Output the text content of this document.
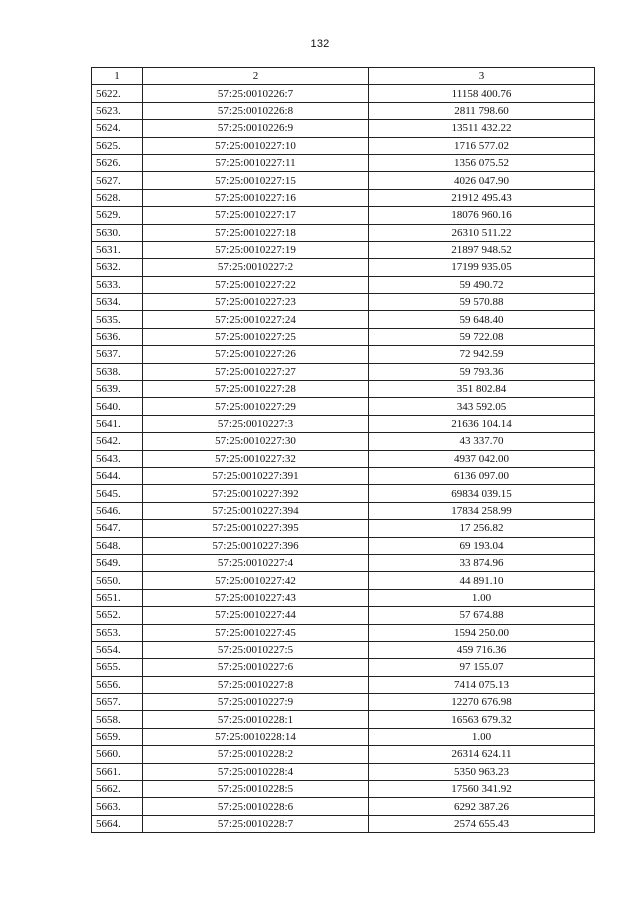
132
1	2	3
5622.	57:25:0010226:7	11158 400.76
5623.	57:25:0010226:8	2811 798.60
5624.	57:25:0010226:9	13511 432.22
5625.	57:25:0010227:10	1716 577.02
5626.	57:25:0010227:11	1356 075.52
5627.	57:25:0010227:15	4026 047.90
5628.	57:25:0010227:16	21912 495.43
5629.	57:25:0010227:17	18076 960.16
5630.	57:25:0010227:18	26310 511.22
5631.	57:25:0010227:19	21897 948.52
5632.	57:25:0010227:2	17199 935.05
5633.	57:25:0010227:22	59 490.72
5634.	57:25:0010227:23	59 570.88
5635.	57:25:0010227:24	59 648.40
5636.	57:25:0010227:25	59 722.08
5637.	57:25:0010227:26	72 942.59
5638.	57:25:0010227:27	59 793.36
5639.	57:25:0010227:28	351 802.84
5640.	57:25:0010227:29	343 592.05
5641.	57:25:0010227:3	21636 104.14
5642.	57:25:0010227:30	43 337.70
5643.	57:25:0010227:32	4937 042.00
5644.	57:25:0010227:391	6136 097.00
5645.	57:25:0010227:392	69834 039.15
5646.	57:25:0010227:394	17834 258.99
5647.	57:25:0010227:395	17 256.82
5648.	57:25:0010227:396	69 193.04
5649.	57:25:0010227:4	33 874.96
5650.	57:25:0010227:42	44 891.10
5651.	57:25:0010227:43	1.00
5652.	57:25:0010227:44	57 674.88
5653.	57:25:0010227:45	1594 250.00
5654.	57:25:0010227:5	459 716.36
5655.	57:25:0010227:6	97 155.07
5656.	57:25:0010227:8	7414 075.13
5657.	57:25:0010227:9	12270 676.98
5658.	57:25:0010228:1	16563 679.32
5659.	57:25:0010228:14	1.00
5660.	57:25:0010228:2	26314 624.11
5661.	57:25:0010228:4	5350 963.23
5662.	57:25:0010228:5	17560 341.92
5663.	57:25:0010228:6	6292 387.26
5664.	57:25:0010228:7	2574 655.43
